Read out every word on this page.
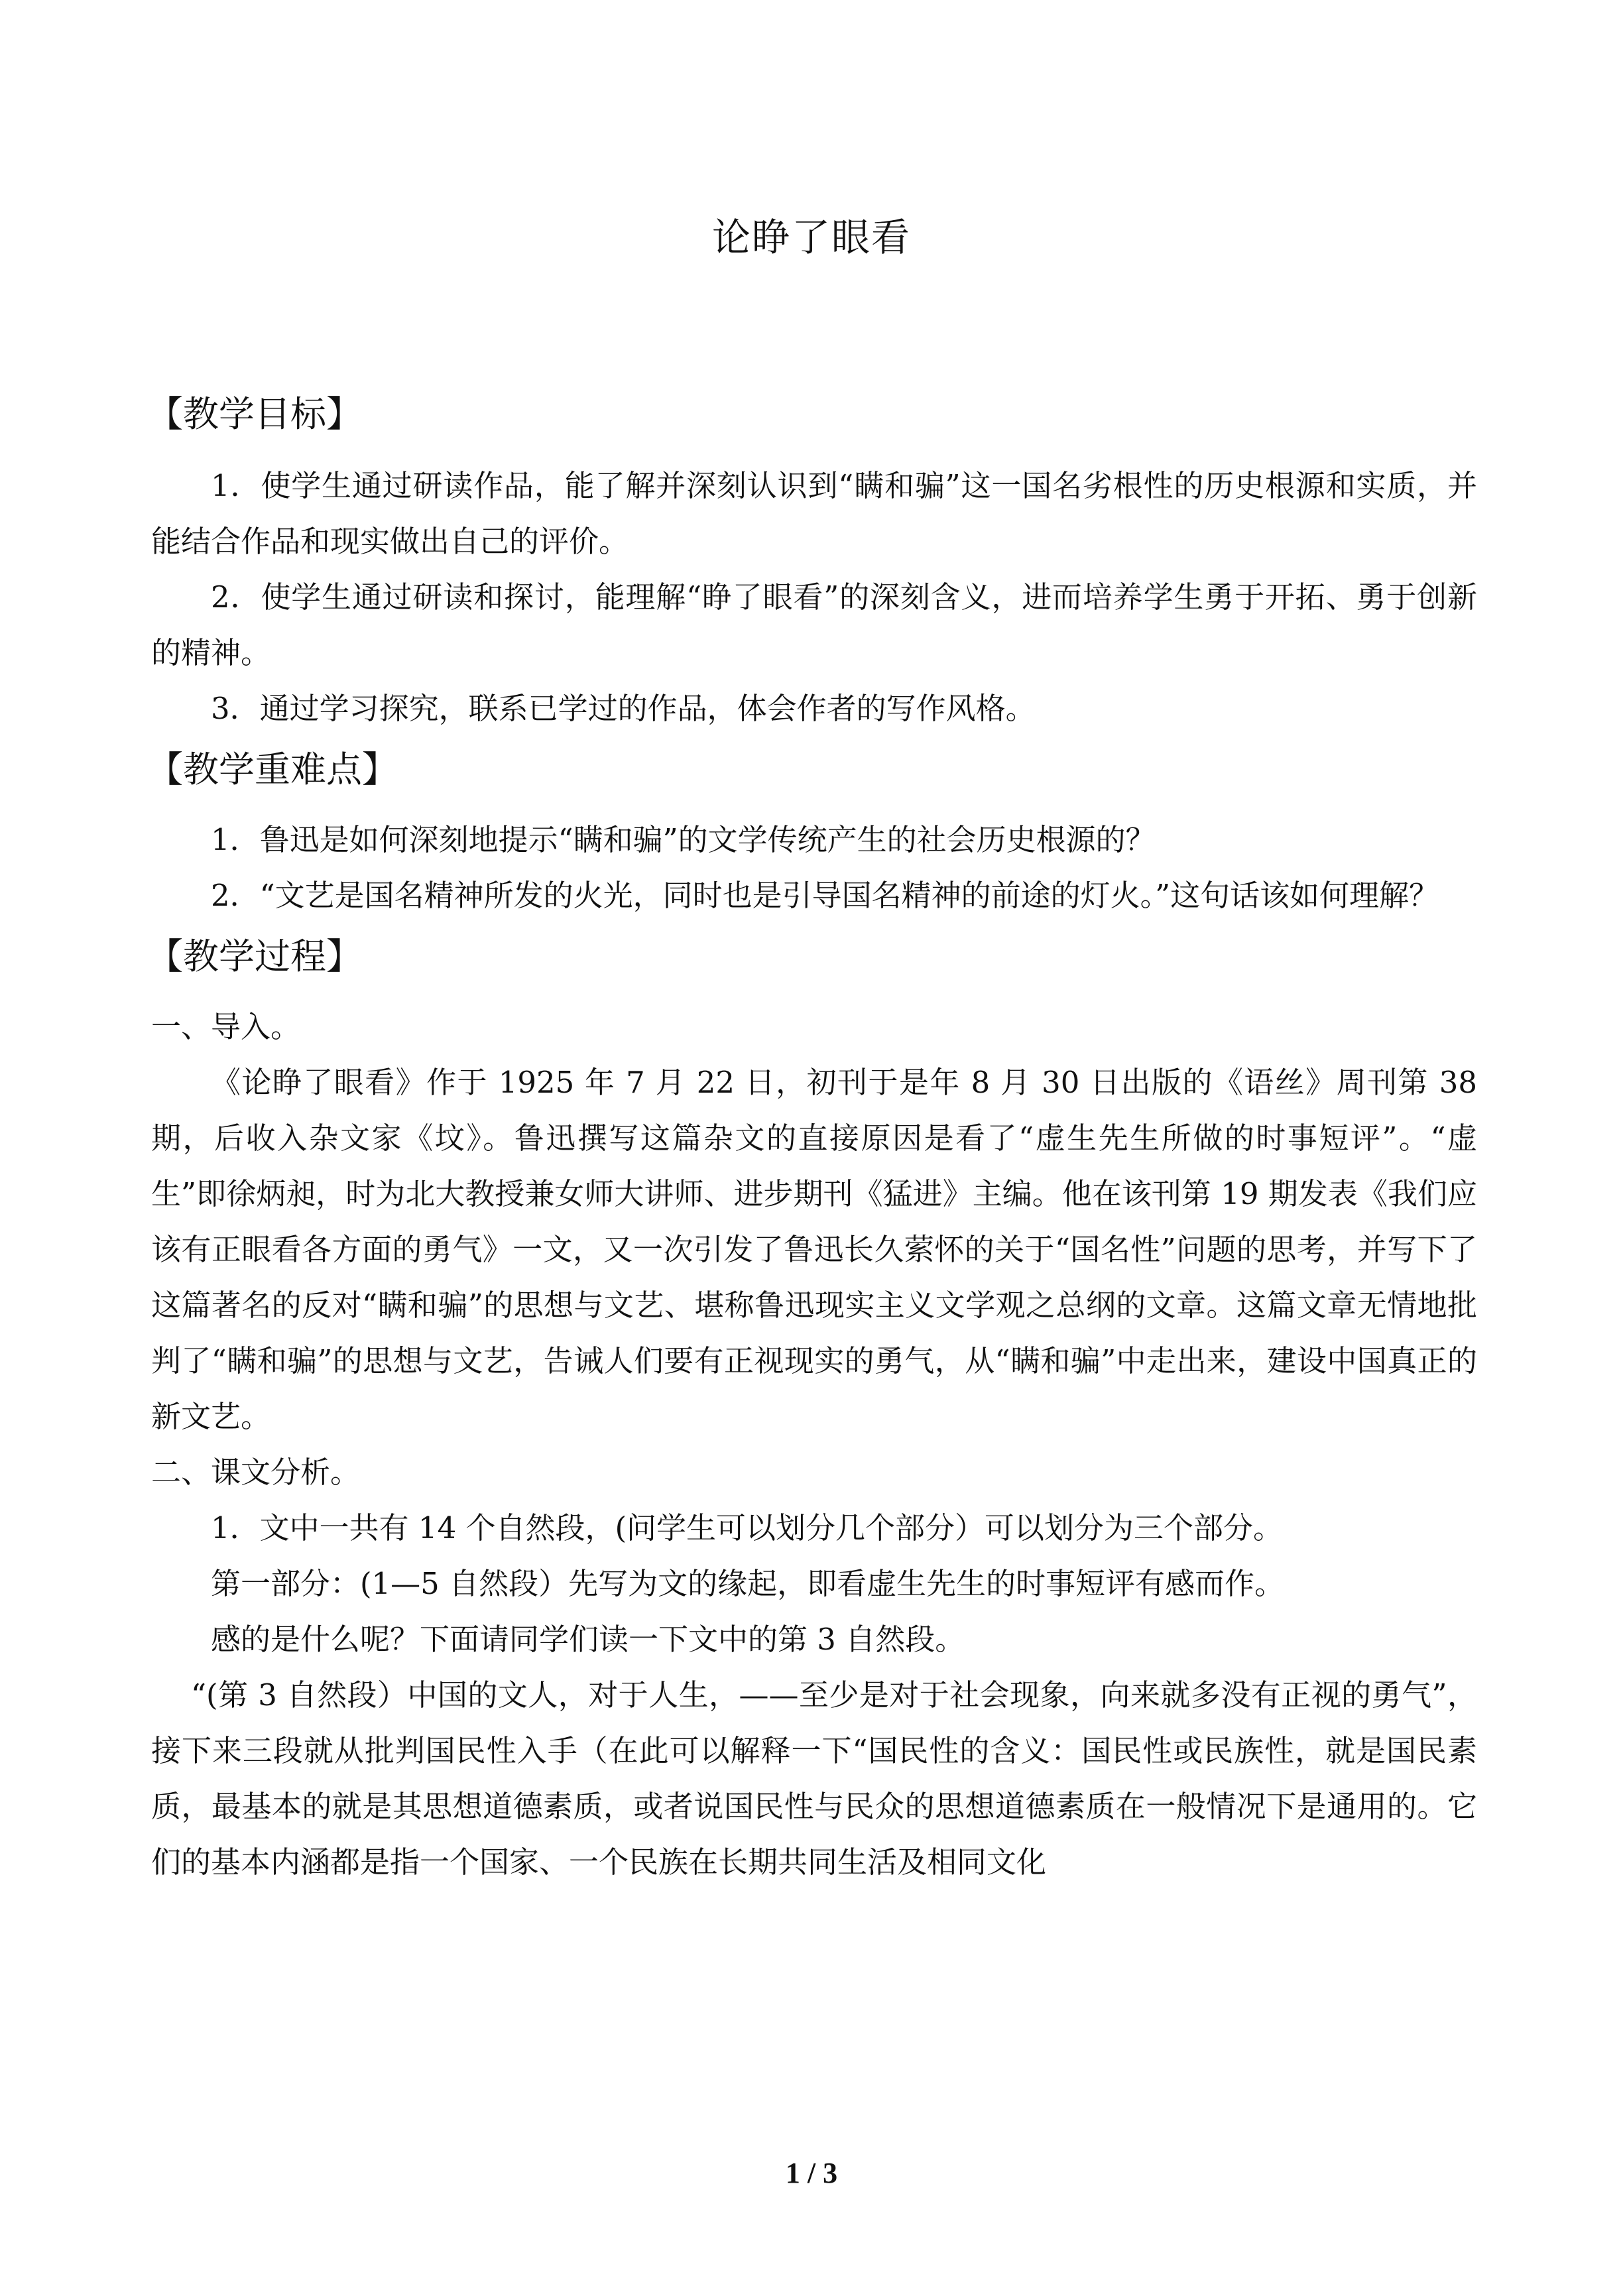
论睁了眼看
【教学目标】

1．使学生通过研读作品，能了解并深刻认识到“瞒和骗”这一国名劣根性的历史根源和实质，并能结合作品和现实做出自己的评价。

2．使学生通过研读和探讨，能理解“睁了眼看”的深刻含义，进而培养学生勇于开拓、勇于创新的精神。

3．通过学习探究，联系已学过的作品，体会作者的写作风格。

【教学重难点】

1．鲁迅是如何深刻地提示“瞒和骗”的文学传统产生的社会历史根源的？

2．“文艺是国名精神所发的火光，同时也是引导国名精神的前途的灯火。”这句话该如何理解？

【教学过程】

一、导入。

《论睁了眼看》作于 1925 年 7 月 22 日，初刊于是年 8 月 30 日出版的《语丝》周刊第 38 期，后收入杂文家《坟》。鲁迅撰写这篇杂文的直接原因是看了“虚生先生所做的时事短评”。“虚生”即徐炳昶，时为北大教授兼女师大讲师、进步期刊《猛进》主编。他在该刊第 19 期发表《我们应该有正眼看各方面的勇气》一文，又一次引发了鲁迅长久萦怀的关于“国名性”问题的思考，并写下了这篇著名的反对“瞒和骗”的思想与文艺、堪称鲁迅现实主义文学观之总纲的文章。这篇文章无情地批判了“瞒和骗”的思想与文艺，告诫人们要有正视现实的勇气，从“瞒和骗”中走出来，建设中国真正的新文艺。

二、课文分析。

1．文中一共有 14 个自然段，(问学生可以划分几个部分）可以划分为三个部分。

第一部分：(1—5 自然段）先写为文的缘起，即看虚生先生的时事短评有感而作。

感的是什么呢？下面请同学们读一下文中的第 3 自然段。

“(第 3 自然段）中国的文人，对于人生，——至少是对于社会现象，向来就多没有正视的勇气”，接下来三段就从批判国民性入手（在此可以解释一下“国民性的含义：国民性或民族性，就是国民素质，最基本的就是其思想道德素质，或者说国民性与民众的思想道德素质在一般情况下是通用的。它们的基本内涵都是指一个国家、一个民族在长期共同生活及相同文化

1 / 3
